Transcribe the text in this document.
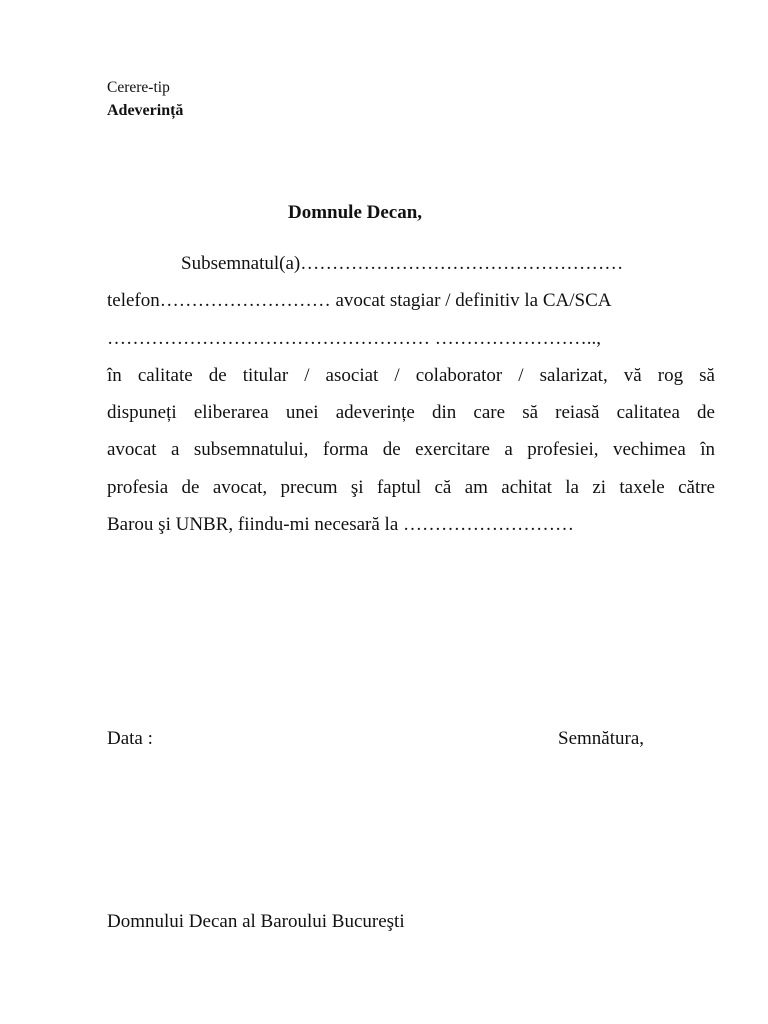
Cerere-tip
Adeverință
Domnule Decan,
Subsemnatul(a)……………………………………………
telefon……………………… avocat stagiar / definitiv la CA/SCA
…………………………………………… ……………………..,
în calitate de titular / asociat / colaborator / salarizat, vă rog să
dispuneți eliberarea unei adeverințe din care să reiasă calitatea de
avocat a subsemnatului, forma de exercitare a profesiei, vechimea în
profesia de avocat, precum şi faptul că am achitat la zi taxele către
Barou şi UNBR, fiindu-mi necesară la ………………………
Data :	Semnătura,
Domnului Decan al Baroului Bucureşti
